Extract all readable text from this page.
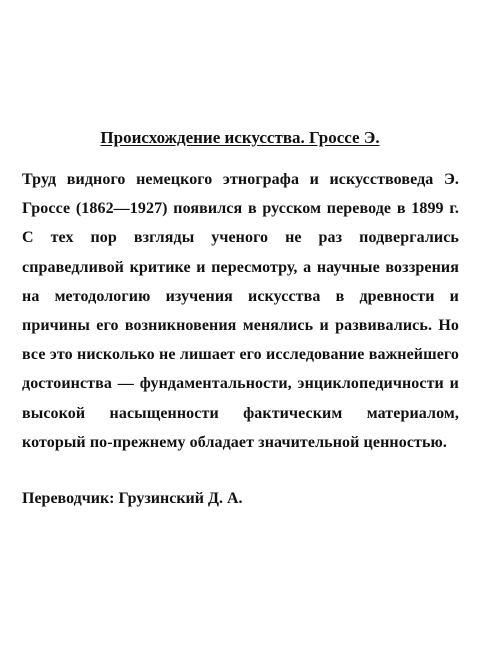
Происхождение искусства. Гроссе Э.

Труд видного немецкого этнографа и искусствоведа Э. Гроссе (1862—1927) появился в русском переводе в 1899 г. С тех пор взгляды ученого не раз подвергались справедливой критике и пересмотру, а научные воззрения на методологию изучения искусства в древности и причины его возникновения менялись и развивались. Но все это нисколько не лишает его исследование важнейшего достоинства — фундаментальности, энциклопедичности и высокой насыщенности фактическим материалом, который по-прежнему обладает значительной ценностью.

Переводчик: Грузинский Д. А.
